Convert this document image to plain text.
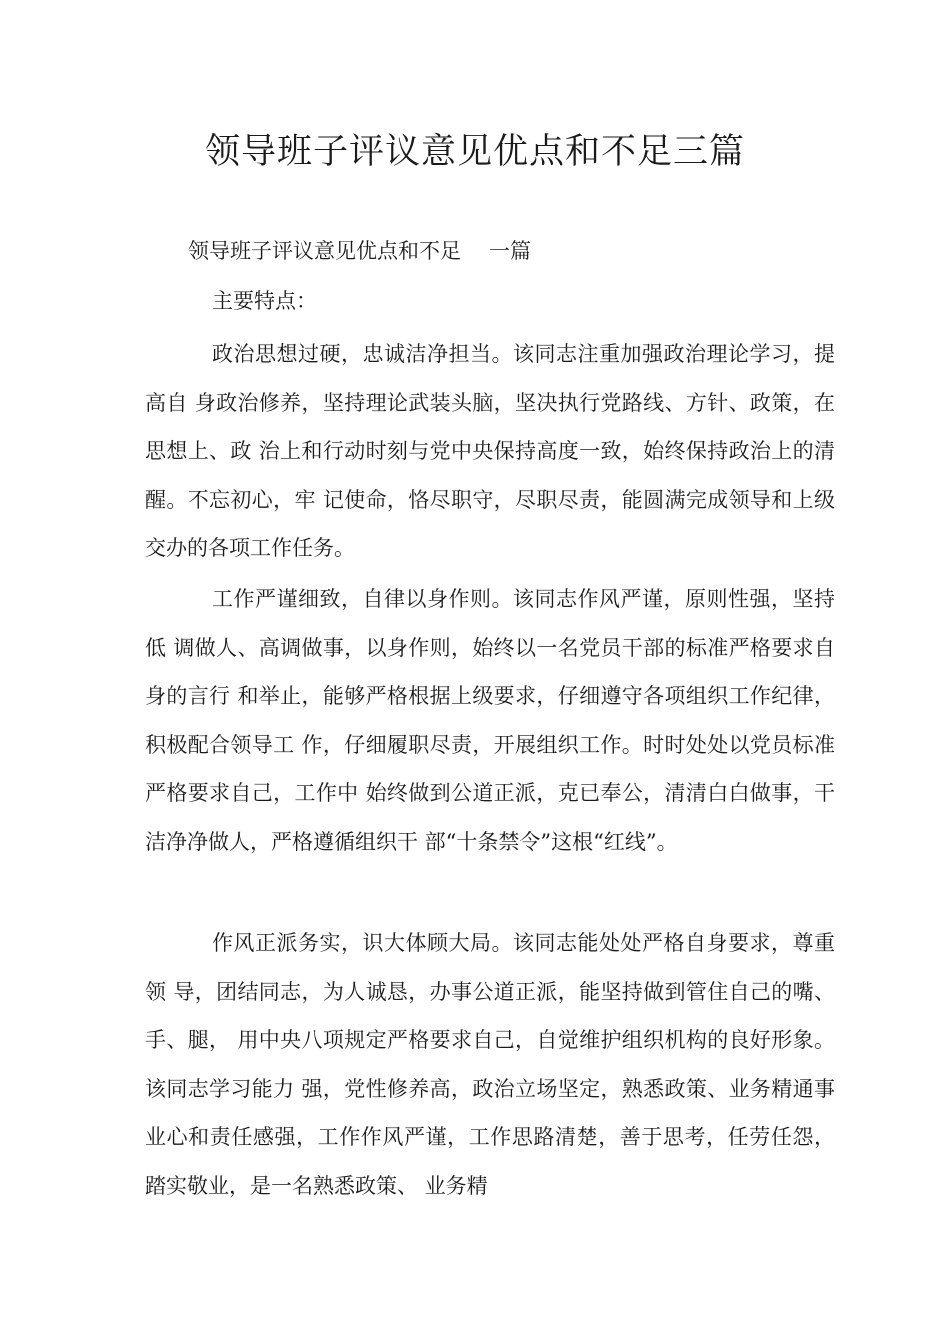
领导班子评议意见优点和不足三篇
领导班子评议意见优点和不足 一篇
主要特点：

政治思想过硬，忠诚洁净担当。该同志注重加强政治理论学习，提高自 身政治修养，坚持理论武装头脑，坚决执行党路线、方针、政策，在思想上、政 治上和行动时刻与党中央保持高度一致，始终保持政治上的清醒。不忘初心，牢 记使命，恪尽职守，尽职尽责，能圆满完成领导和上级交办的各项工作任务。

工作严谨细致，自律以身作则。该同志作风严谨，原则性强，坚持低 调做人、高调做事，以身作则，始终以一名党员干部的标准严格要求自身的言行 和举止，能够严格根据上级要求，仔细遵守各项组织工作纪律，积极配合领导工 作，仔细履职尽责，开展组织工作。时时处处以党员标准严格要求自己，工作中 始终做到公道正派，克已奉公，清清白白做事，干洁净净做人，严格遵循组织干 部“十条禁令”这根“红线”。

作风正派务实，识大体顾大局。该同志能处处严格自身要求，尊重领 导，团结同志，为人诚恳，办事公道正派，能坚持做到管住自己的嘴、手、腿， 用中央八项规定严格要求自己，自觉维护组织机构的良好形象。该同志学习能力 强，党性修养高，政治立场坚定，熟悉政策、业务精通事业心和责任感强，工作作风严谨，工作思路清楚，善于思考，任劳任怨，踏实敬业，是一名熟悉政策、 业务精
